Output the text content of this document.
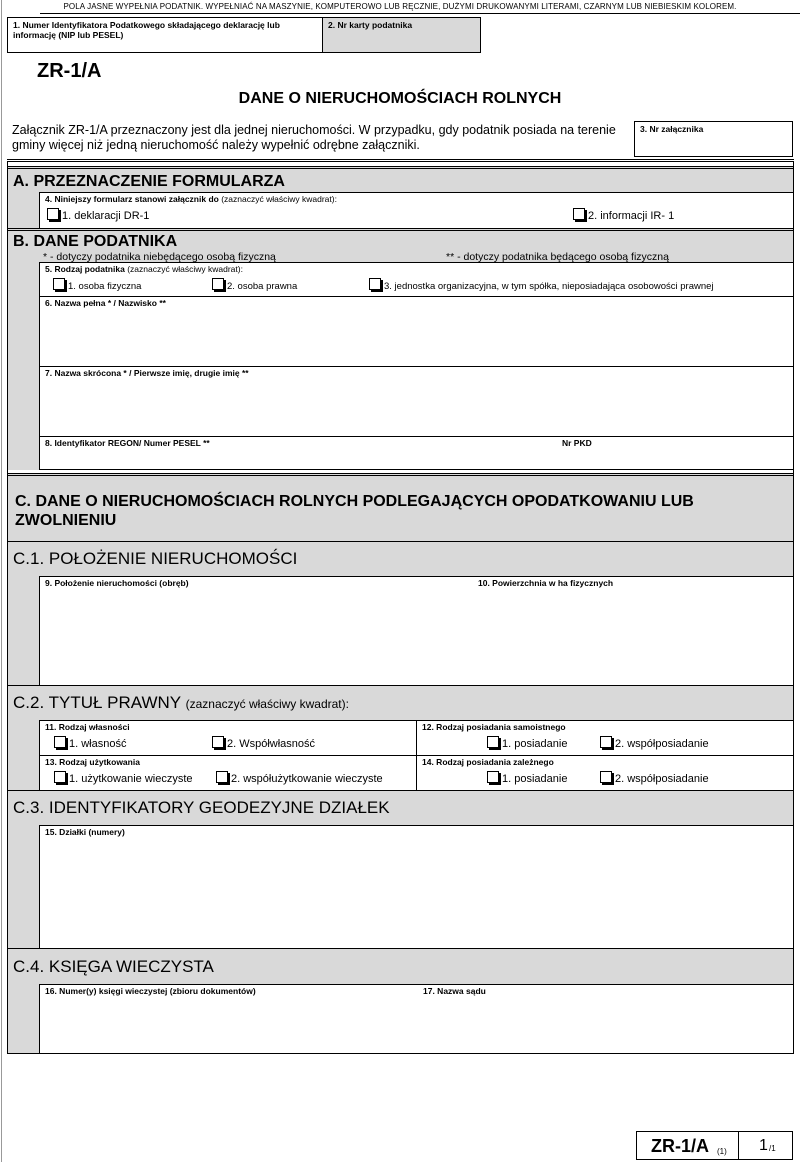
POLA JASNE WYPEŁNIA PODATNIK. WYPEŁNIAĆ NA MASZYNIE, KOMPUTEROWO LUB RĘCZNIE, DUŻYMI DRUKOWANYMI LITERAMI, CZARNYM LUB NIEBIESKIM KOLOREM.
1. Numer Identyfikatora Podatkowego składającego deklarację lub informację (NIP lub PESEL)
2. Nr karty podatnika
ZR-1/A
DANE O NIERUCHOMOŚCIACH ROLNYCH
Załącznik ZR-1/A przeznaczony jest dla jednej nieruchomości. W przypadku, gdy podatnik posiada na terenie gminy więcej niż jedną nieruchomość należy wypełnić odrębne załączniki.
3. Nr załącznika
A. PRZEZNACZENIE FORMULARZA
4. Niniejszy formularz stanowi załącznik do (zaznaczyć właściwy kwadrat):
1. deklaracji DR-1	2. informacji IR- 1
B. DANE PODATNIKA
* - dotyczy podatnika niebędącego osobą fizyczną	** - dotyczy podatnika będącego osobą fizyczną
5. Rodzaj podatnika (zaznaczyć właściwy kwadrat):
1. osoba fizyczna	2. osoba prawna	3. jednostka organizacyjna, w tym spółka, nieposiadająca osobowości prawnej
6. Nazwa pełna * / Nazwisko **
7. Nazwa skrócona * / Pierwsze imię, drugie imię **
8. Identyfikator REGON/ Numer PESEL **	Nr PKD
C. DANE O NIERUCHOMOŚCIACH ROLNYCH PODLEGAJĄCYCH OPODATKOWANIU LUB ZWOLNIENIU
C.1. POŁOŻENIE NIERUCHOMOŚCI
9. Położenie nieruchomości (obręb)	10. Powierzchnia w ha fizycznych
C.2. TYTUŁ PRAWNY (zaznaczyć właściwy kwadrat):
11. Rodzaj własności
1. własność	2. Współwłasność
12. Rodzaj posiadania samoistnego
1. posiadanie	2. współposiadanie
13. Rodzaj użytkowania
1. użytkowanie wieczyste	2. współużytkowanie wieczyste
14. Rodzaj posiadania zależnego
1. posiadanie	2. współposiadanie
C.3. IDENTYFIKATORY GEODEZYJNE DZIAŁEK
15. Działki (numery)
C.4. KSIĘGA WIECZYSTA
16. Numer(y) księgi wieczystej (zbioru dokumentów)	17. Nazwa sądu
ZR-1/A (1) 1 /1
